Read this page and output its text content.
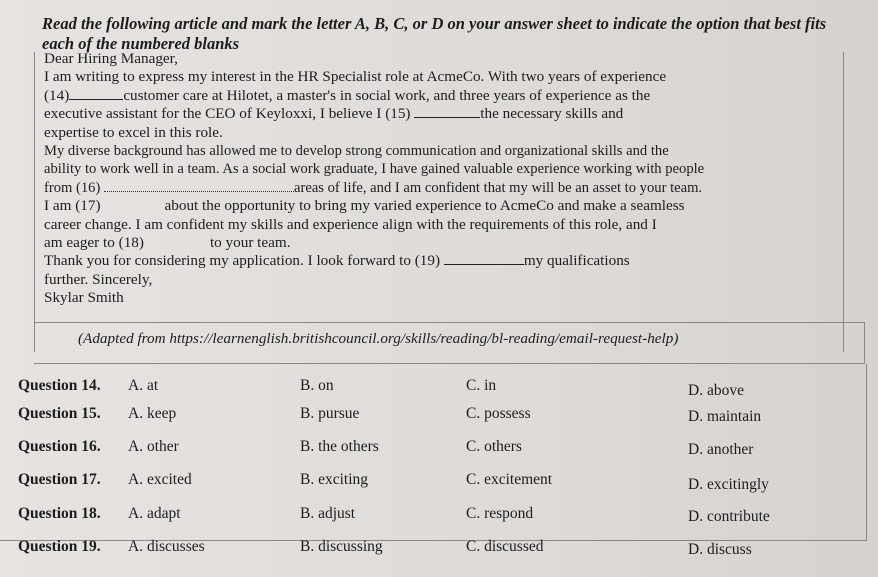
Read the following article and mark the letter A, B, C, or D on your answer sheet to indicate the option that best fits each of the numbered blanks

Dear Hiring Manager,

I am writing to express my interest in the HR Specialist role at AcmeCo. With two years of experience

(14)	customer care at Hilotet, a master's in social work, and three years of experience as the

executive assistant for the CEO of Keyloxxi, I believe I (15)	the necessary skills and

expertise to excel in this role.

My diverse background has allowed me to develop strong communication and organizational skills and the

ability to work well in a team. As a social work graduate, I have gained valuable experience working with people

from (16)	areas of life, and I am confident that my will be an asset to your team.

I am (17)	about the opportunity to bring my varied experience to AcmeCo and make a seamless

career change. I am confident my skills and experience align with the requirements of this role, and I

am eager to (18)	to your team.

Thank you for considering my application. I look forward to (19)	my qualifications

further. Sincerely,

Skylar Smith

(Adapted from https://learnenglish.britishcouncil.org/skills/reading/bl-reading/email-request-help)
Question 14. A. at	B. on	C. in	D. above
Question 15. A. keep	B. pursue	C. possess	D. maintain
Question 16. A. other	B. the others	C. others	D. another
Question 17. A. excited	B. exciting	C. excitement	D. excitingly
Question 18. A. adapt	B. adjust	C. respond	D. contribute
Question 19. A. discusses	B. discussing	C. discussed	D. discuss
